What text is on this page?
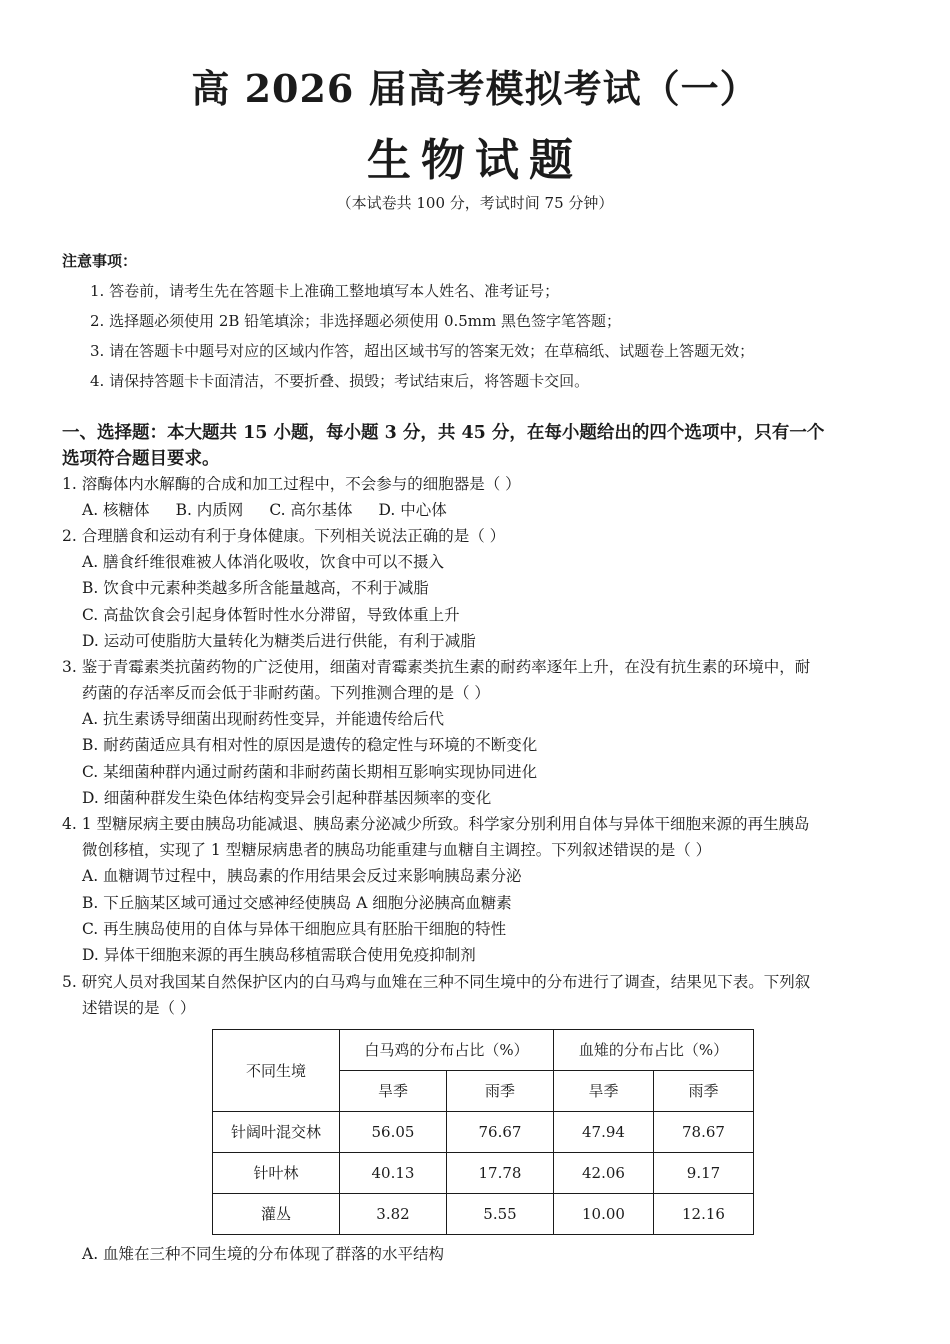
高 2026 届高考模拟考试（一）
生物试题
（本试卷共 100 分，考试时间 75 分钟）
注意事项：
1. 答卷前，请考生先在答题卡上准确工整地填写本人姓名、准考证号；
2. 选择题必须使用 2B 铅笔填涂；非选择题必须使用 0.5mm 黑色签字笔答题；
3. 请在答题卡中题号对应的区域内作答，超出区域书写的答案无效；在草稿纸、试题卷上答题无效；
4. 请保持答题卡卡面清洁，不要折叠、损毁；考试结束后，将答题卡交回。
一、选择题：本大题共 15 小题，每小题 3 分，共 45 分，在每小题给出的四个选项中，只有一个
选项符合题目要求。
1. 溶酶体内水解酶的合成和加工过程中，不会参与的细胞器是（ ）
A. 核糖体 B. 内质网 C. 高尔基体 D. 中心体
2. 合理膳食和运动有利于身体健康。下列相关说法正确的是（ ）
A. 膳食纤维很难被人体消化吸收，饮食中可以不摄入
B. 饮食中元素种类越多所含能量越高，不利于减脂
C. 高盐饮食会引起身体暂时性水分滞留，导致体重上升
D. 运动可使脂肪大量转化为糖类后进行供能，有利于减脂
3. 鉴于青霉素类抗菌药物的广泛使用，细菌对青霉素类抗生素的耐药率逐年上升，在没有抗生素的环境中，耐
药菌的存活率反而会低于非耐药菌。下列推测合理的是（ ）
A. 抗生素诱导细菌出现耐药性变异，并能遗传给后代
B. 耐药菌适应具有相对性的原因是遗传的稳定性与环境的不断变化
C. 某细菌种群内通过耐药菌和非耐药菌长期相互影响实现协同进化
D. 细菌种群发生染色体结构变异会引起种群基因频率的变化
4. 1 型糖尿病主要由胰岛功能减退、胰岛素分泌减少所致。科学家分别利用自体与异体干细胞来源的再生胰岛
微创移植，实现了 1 型糖尿病患者的胰岛功能重建与血糖自主调控。下列叙述错误的是（ ）
A. 血糖调节过程中，胰岛素的作用结果会反过来影响胰岛素分泌
B. 下丘脑某区域可通过交感神经使胰岛 A 细胞分泌胰高血糖素
C. 再生胰岛使用的自体与异体干细胞应具有胚胎干细胞的特性
D. 异体干细胞来源的再生胰岛移植需联合使用免疫抑制剂
5. 研究人员对我国某自然保护区内的白马鸡与血雉在三种不同生境中的分布进行了调查，结果见下表。下列叙
述错误的是（ ）
不同生境	白马鸡的分布占比（%）		血雉的分布占比（%）	
	旱季	雨季	旱季	雨季
针阔叶混交林	56.05	76.67	47.94	78.67
针叶林	40.13	17.78	42.06	9.17
灌丛	3.82	5.55	10.00	12.16
A. 血雉在三种不同生境的分布体现了群落的水平结构
